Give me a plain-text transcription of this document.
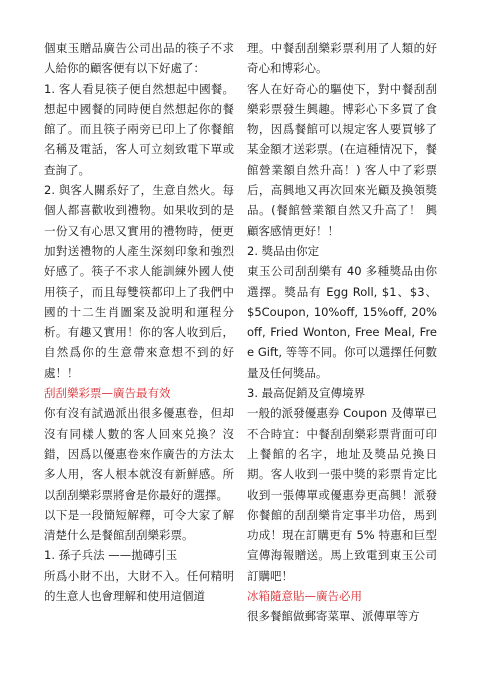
個東玉贈品廣告公司出品的筷子不求人給你的顧客便有以下好處了：

1. 客人看見筷子便自然想起中國餐。想起中國餐的同時便自然想起你的餐館了。而且筷子兩旁已印上了你餐館名稱及電話，客人可立刻致電下單或查詢了。

2. 與客人關系好了，生意自然火。每個人都喜歡收到禮物。如果收到的是一份又有心思又實用的禮物時，便更加對送禮物的人產生深刻印象和強烈好感了。筷子不求人能訓練外國人使用筷子，而且每雙筷都印上了我們中國的十二生肖圖案及說明和運程分析。有趣又實用！你的客人收到后，自然爲你的生意帶來意想不到的好處！！

刮刮樂彩票—廣告最有效

你有沒有試過派出很多優惠卷，但却沒有同樣人數的客人回來兑換？沒錯，因爲以優惠卷來作廣告的方法太多人用，客人根本就沒有新鮮感。所以刮刮樂彩票將會是你最好的選擇。

以下是一段簡短解釋，可令大家了解清楚什么是餐館刮刮樂彩票。

1. 孫子兵法 ——拋磚引玉

所爲小財不出，大財不入。任何精明的生意人也會理解和使用這個道

理。中餐刮刮樂彩票利用了人類的好奇心和博彩心。

客人在好奇心的驅使下，對中餐刮刮樂彩票發生興趣。博彩心下多買了食物，因爲餐館可以規定客人要買够了某金額才送彩票。(在這種情况下，餐館營業額自然升高！) 客人中了彩票后，高興地又再次回來光顧及換領獎品。(餐館營業額自然又升高了！ 興顧客感情更好！！

2. 獎品由你定

東玉公司刮刮樂有 40 多種獎品由你選擇。獎品有 Egg Roll, $1、$3、$5Coupon, 10%off, 15%off, 20%off, Fried Wonton, Free Meal, Free Gift, 等等不同。你可以選擇任何數量及任何獎品。

3. 最高促銷及宣傳境界

一般的派發優惠券 Coupon 及傳單已不合時宜：中餐刮刮樂彩票背面可印上餐館的名字，地址及獎品兑換日期。客人收到一張中獎的彩票肯定比收到一張傳單或優惠券更高興！派發你餐館的刮刮樂肯定事半功倍，馬到功成！現在訂購更有 5% 特惠和巨型宣傳海報贈送。馬上致電到東玉公司訂購吧！

冰箱隨意貼—廣告必用

很多餐館做郵寄菜單、派傳單等方
